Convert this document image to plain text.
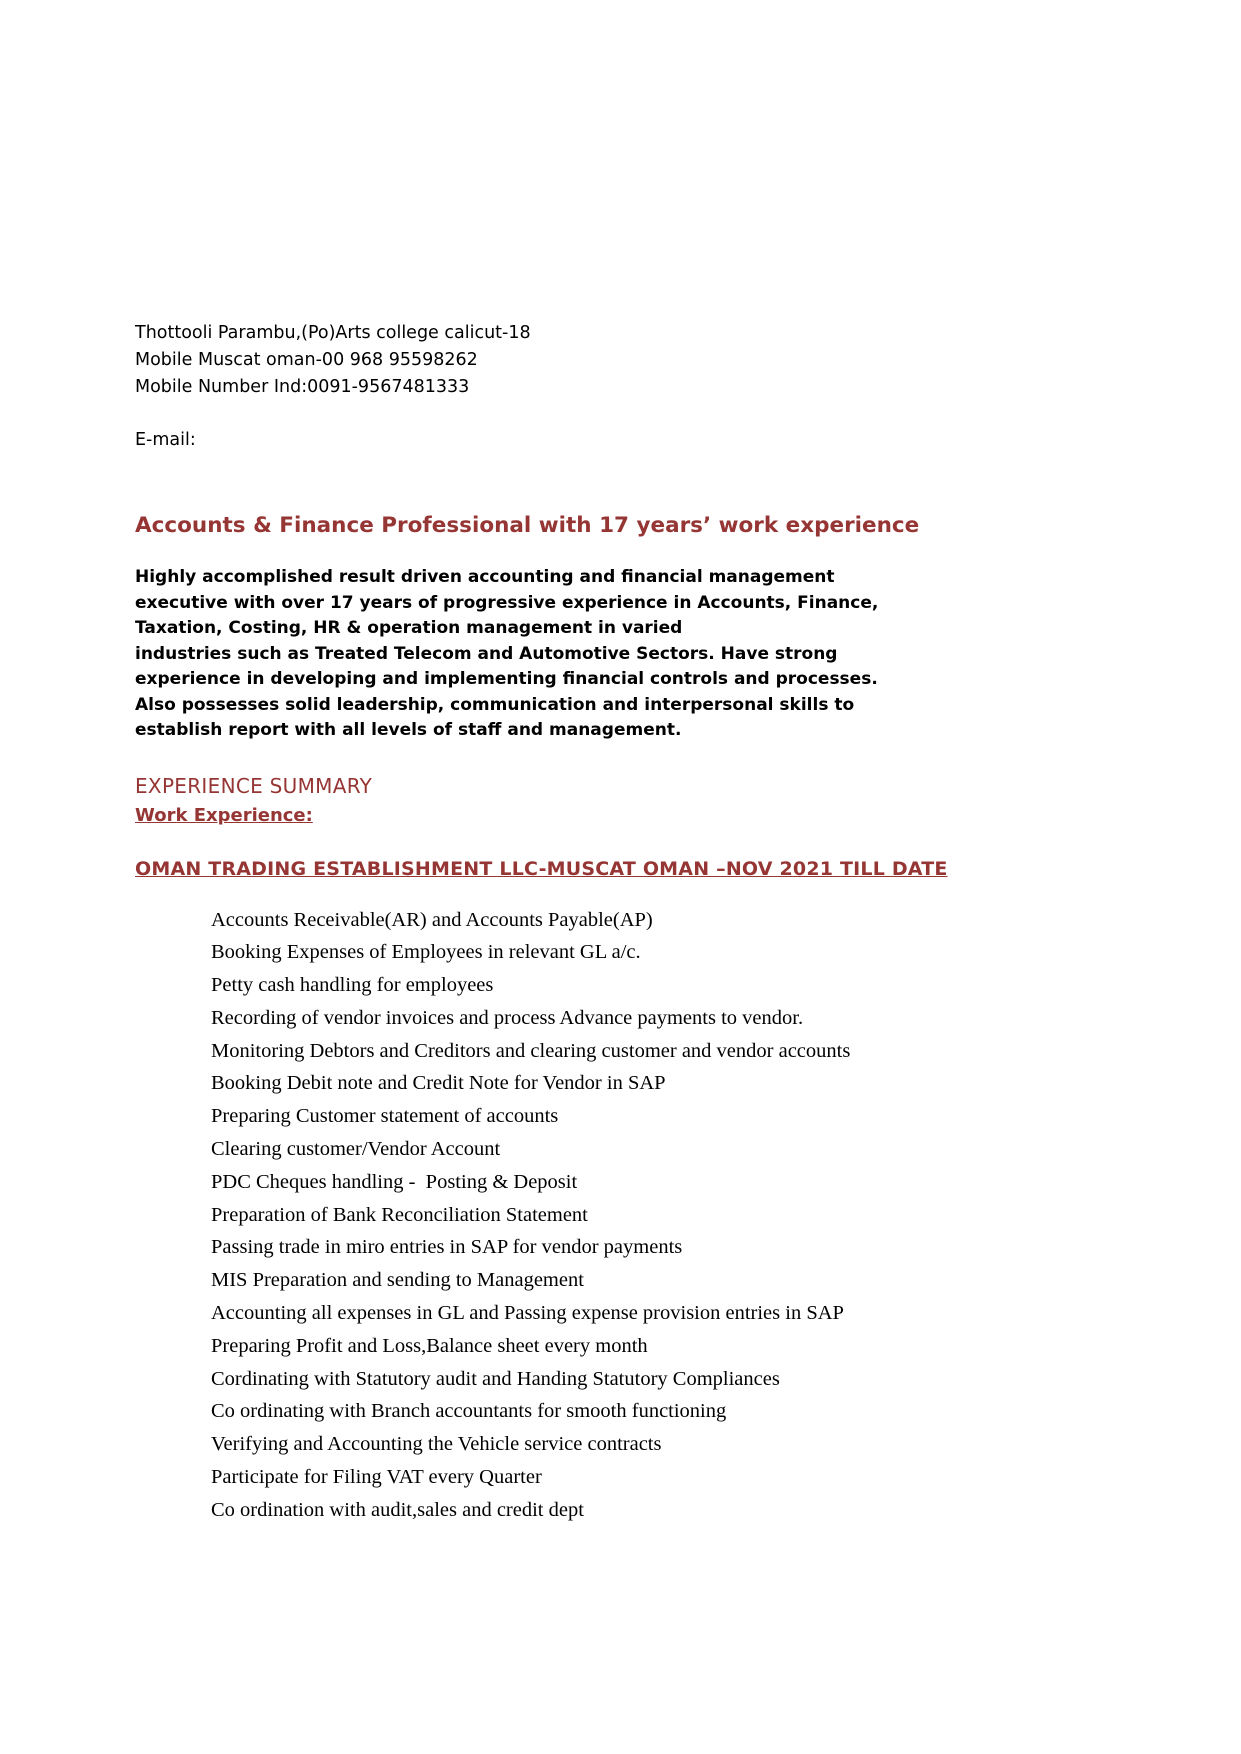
Thottooli Parambu,(Po)Arts college calicut-18
Mobile Muscat oman-00 968 95598262
Mobile Number Ind:0091-9567481333
E-mail:
Accounts & Finance Professional with 17 years’ work experience
Highly accomplished result driven accounting and financial management
executive with over 17 years of progressive experience in Accounts, Finance,
Taxation, Costing, HR & operation management in varied
industries such as Treated Telecom and Automotive Sectors. Have strong
experience in developing and implementing financial controls and processes.
Also possesses solid leadership, communication and interpersonal skills to
establish report with all levels of staff and management.
EXPERIENCE SUMMARY
Work Experience:
OMAN TRADING ESTABLISHMENT LLC-MUSCAT OMAN –NOV 2021 TILL DATE
Accounts Receivable(AR) and Accounts Payable(AP)
Booking Expenses of Employees in relevant GL a/c.
Petty cash handling for employees
Recording of vendor invoices and process Advance payments to vendor.
Monitoring Debtors and Creditors and clearing customer and vendor accounts
Booking Debit note and Credit Note for Vendor in SAP
Preparing Customer statement of accounts
Clearing customer/Vendor Account
PDC Cheques handling -  Posting & Deposit
Preparation of Bank Reconciliation Statement
Passing trade in miro entries in SAP for vendor payments
MIS Preparation and sending to Management
Accounting all expenses in GL and Passing expense provision entries in SAP
Preparing Profit and Loss,Balance sheet every month
Cordinating with Statutory audit and Handing Statutory Compliances
Co ordinating with Branch accountants for smooth functioning
Verifying and Accounting the Vehicle service contracts
Participate for Filing VAT every Quarter
Co ordination with audit,sales and credit dept
